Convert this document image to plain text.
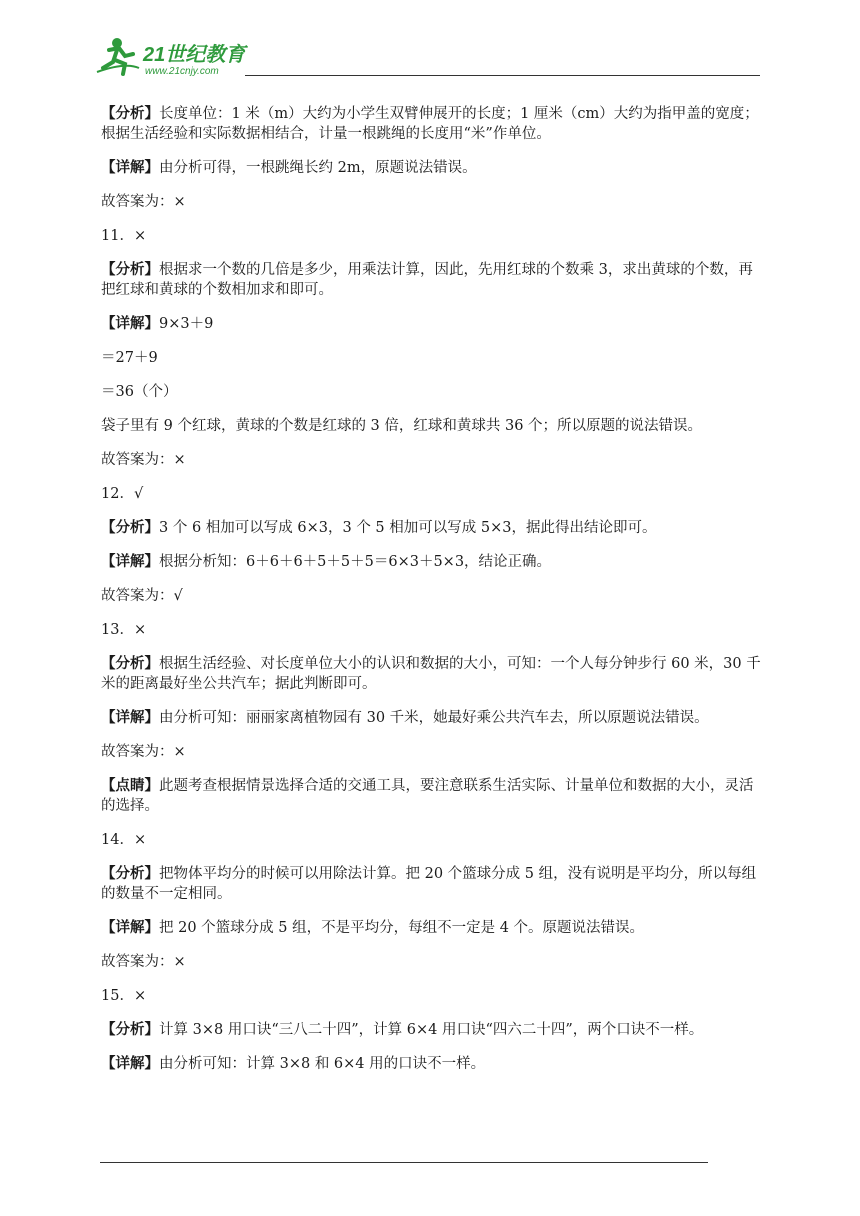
21世纪教育
www.21cnjy.com
【分析】长度单位：1 米（m）大约为小学生双臂伸展开的长度；1 厘米（cm）大约为指甲盖的宽度；根据生活经验和实际数据相结合，计量一根跳绳的长度用“米”作单位。
【详解】由分析可得，一根跳绳长约 2m，原题说法错误。
故答案为：×
11．×
【分析】根据求一个数的几倍是多少，用乘法计算，因此，先用红球的个数乘 3，求出黄球的个数，再把红球和黄球的个数相加求和即可。
【详解】9×3＋9
＝27＋9
＝36（个）
袋子里有 9 个红球，黄球的个数是红球的 3 倍，红球和黄球共 36 个；所以原题的说法错误。
故答案为：×
12．√
【分析】3 个 6 相加可以写成 6×3，3 个 5 相加可以写成 5×3，据此得出结论即可。
【详解】根据分析知：6＋6＋6＋5＋5＋5＝6×3＋5×3，结论正确。
故答案为：√
13．×
【分析】根据生活经验、对长度单位大小的认识和数据的大小，可知：一个人每分钟步行 60 米，30 千米的距离最好坐公共汽车；据此判断即可。
【详解】由分析可知：丽丽家离植物园有 30 千米，她最好乘公共汽车去，所以原题说法错误。
故答案为：×
【点睛】此题考查根据情景选择合适的交通工具，要注意联系生活实际、计量单位和数据的大小，灵活的选择。
14．×
【分析】把物体平均分的时候可以用除法计算。把 20 个篮球分成 5 组，没有说明是平均分，所以每组的数量不一定相同。
【详解】把 20 个篮球分成 5 组，不是平均分，每组不一定是 4 个。原题说法错误。
故答案为：×
15．×
【分析】计算 3×8 用口诀“三八二十四”，计算 6×4 用口诀“四六二十四”，两个口诀不一样。
【详解】由分析可知：计算 3×8 和 6×4 用的口诀不一样。
